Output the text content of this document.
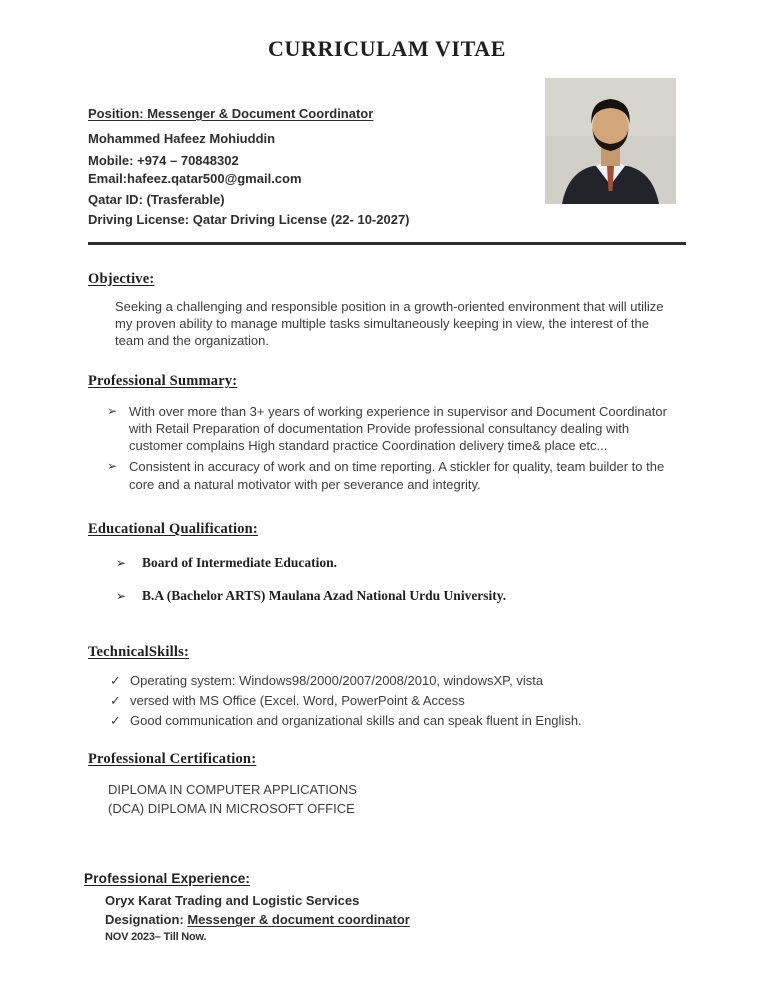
CURRICULAM VITAE
Position: Messenger & Document Coordinator
Mohammed Hafeez Mohiuddin
Mobile: +974 – 70848302
Email:hafeez.qatar500@gmail.com
Qatar ID: (Trasferable)
Driving License: Qatar Driving License (22- 10-2027)
Objective:
Seeking a challenging and responsible position in a growth-oriented environment that will utilize my proven ability to manage multiple tasks simultaneously keeping in view, the interest of the team and the organization.
Professional Summary:
➢ With over more than 3+ years of working experience in supervisor and Document Coordinator with Retail Preparation of documentation Provide professional consultancy dealing with customer complains High standard practice Coordination delivery time& place etc...
➢ Consistent in accuracy of work and on time reporting. A stickler for quality, team builder to the core and a natural motivator with per severance and integrity.
Educational Qualification:
➢	Board of Intermediate Education.
➢	B.A (Bachelor ARTS) Maulana Azad National Urdu University.
TechnicalSkills:
✓ Operating system: Windows98/2000/2007/2008/2010, windowsXP, vista
✓ versed with MS Office (Excel. Word, PowerPoint & Access
✓ Good communication and organizational skills and can speak fluent in English.
Professional Certification:
DIPLOMA IN COMPUTER APPLICATIONS
(DCA) DIPLOMA IN MICROSOFT OFFICE
Professional Experience:
Oryx Karat Trading and Logistic Services
Designation: Messenger & document coordinator
NOV 2023– Till Now.
